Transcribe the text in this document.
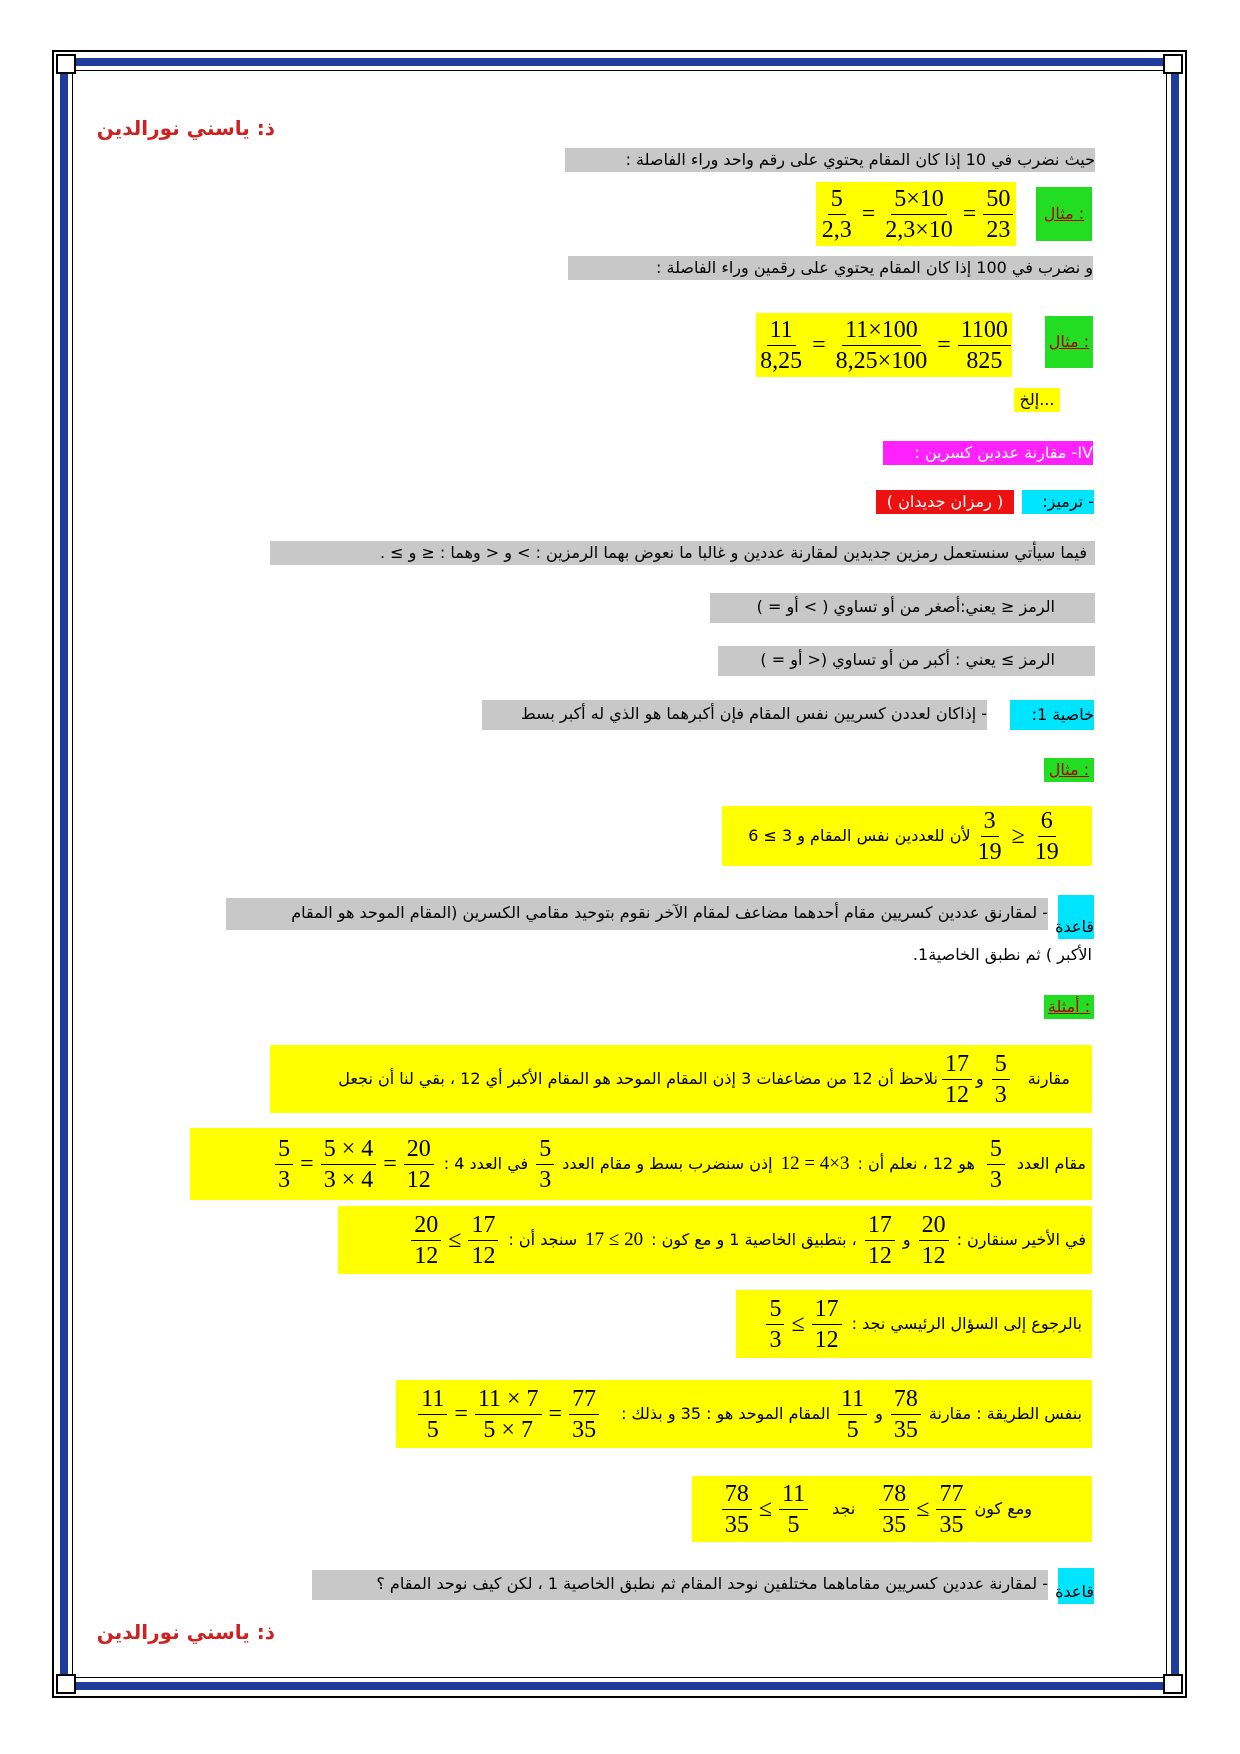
ذ: ياسني نورالدين
حيث نضرب في 10 إذا كان المقام يحتوي على رقم واحد وراء الفاصلة :
مثال :
$\frac{5}{2,3} = \frac{5\times 10}{2,3\times 10} = \frac{50}{23}$
و نضرب في 100 إذا كان المقام يحتوي على رقمين وراء الفاصلة :
مثال :
$\frac{11}{8,25} = \frac{11\times 100}{8,25\times 100} = \frac{1100}{825}$
...إلخ
IV- مقارنة عددين كسرين :
- ترميز:
( رمزان جديدان )
فيما سيأتي سنستعمل رمزين جديدين لمقارنة عددين و غالبا ما نعوض بهما الرمزين : > و < وهما : ≤ و ≥ .
الرمز ≤ يعني:أصغر من أو تساوي ( > أو = )
الرمز ≥ يعني : أكبر من أو تساوي (< أو = )
خاصية 1:
- إذاكان لعددن كسريين نفس المقام فإن أكبرهما هو الذي له أكبر بسط
مثال :
لأن للعددين نفس المقام و $3 \ge 6 \frac{3}{19} \ge \frac{6}{19}$
قاعدة
- لمقارنق عددين كسريين مقام أحدهما مضاعف لمقام الآخر نقوم بتوحيد مقامي الكسرين (المقام الموحد هو المقام
الأكبر ) ثم نطبق الخاصية1.
أمثلة :
مقارنة
$\frac{5}{3}$
و
$\frac{17}{12}$
نلاحظ أن 12 من مضاعفات 3 إذن المقام الموحد هو المقام الأكبر أي 12 ، بقي لنا أن نجعل
مقام العدد
$\frac{5}{3}$
هو 12 ، نعلم أن :
12 = 4×3
إذن سنضرب بسط و مقام العدد
$\frac{5}{3}$
في العدد 4 :
$\frac{5}{3} = \frac{5 \times 4}{3 \times 4} = \frac{20}{12}$
في الأخير سنقارن :
$\frac{20}{12}$
و
$\frac{17}{12}$
، بتطبيق الخاصية 1 و مع كون :
17 ≤ 20
سنجد أن :
$\frac{20}{12} \le \frac{17}{12}$
بالرجوع إلى السؤال الرئيسي نجد :
$\frac{5}{3} \le \frac{17}{12}$
بنفس الطريقة : مقارنة
$\frac{78}{35}$
و
$\frac{11}{5}$
المقام الموحد هو : 35 و بذلك :
$\frac{11}{5} = \frac{11 \times 7}{5 \times 7} = \frac{77}{35}$
ومع كون
$\frac{78}{35} \le \frac{77}{35}$
نجد
$\frac{78}{35} \le \frac{11}{5}$
قاعدة
- لمقارنة عددين كسريين مقاماهما مختلفين نوحد المقام ثم نطبق الخاصية 1 ، لكن كيف نوحد المقام ؟
ذ: ياسني نورالدين
